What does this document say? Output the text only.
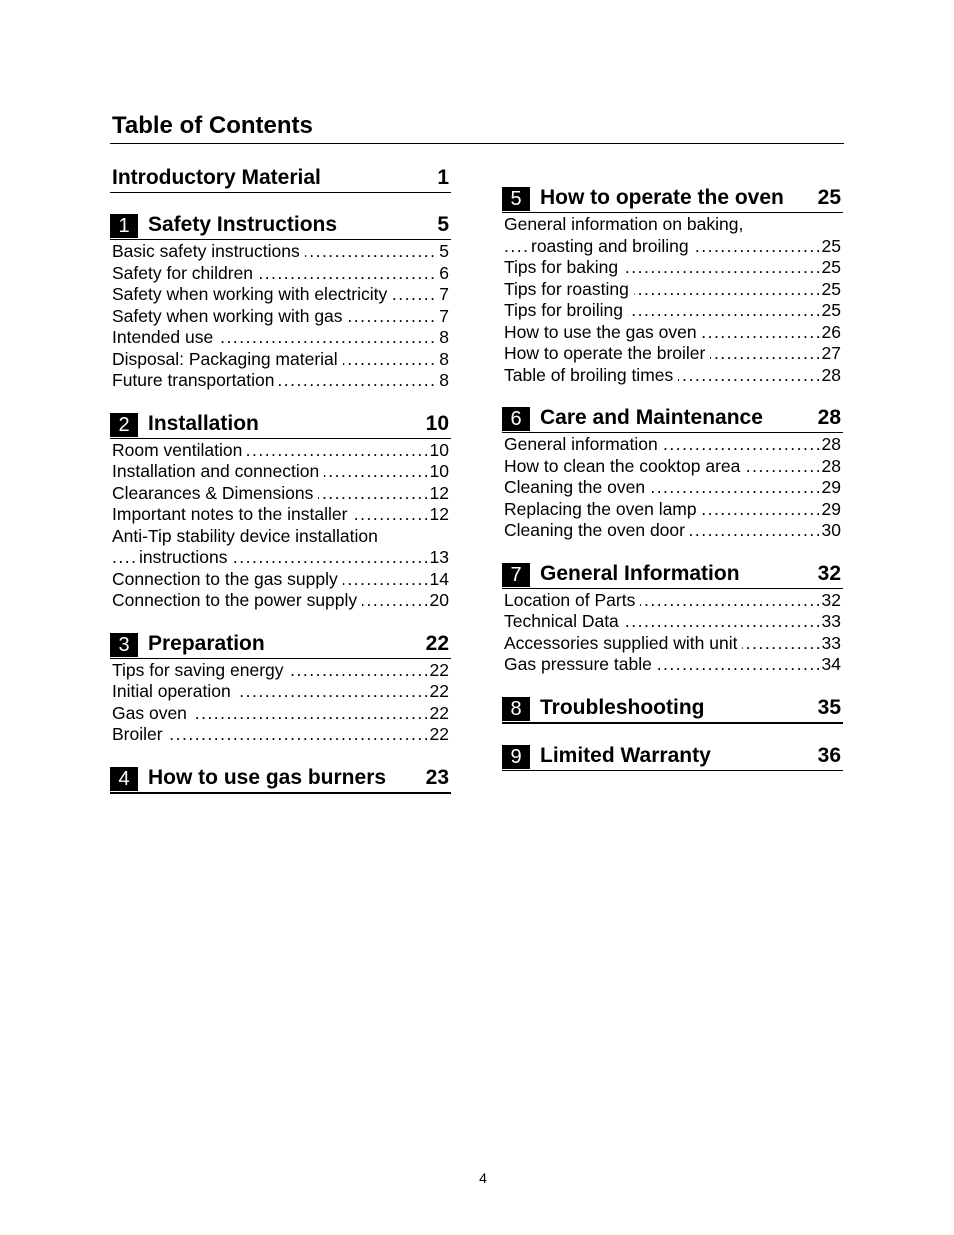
Table of Contents
Introductory Material	1
1 Safety Instructions	5
Basic safety instructions .....	5
Safety for children .....	6
Safety when working with electricity .....	7
Safety when working with gas .....	7
Intended use .....	8
Disposal: Packaging material .....	8
Future transportation .....	8
2 Installation	10
Room ventilation .....	10
Installation and connection .....	10
Clearances & Dimensions .....	12
Important notes to the installer .....	12
Anti-Tip stability device installation
instructions .....	13
Connection to the gas supply .....	14
Connection to the power supply .....	20
3 Preparation	22
Tips for saving energy .....	22
Initial operation .....	22
Gas oven .....	22
Broiler .....	22
4 How to use gas burners 23
5 How to operate the oven 25
General information on baking,
roasting and broiling .....	25
Tips for baking .....	25
Tips for roasting .....	25
Tips for broiling .....	25
How to use the gas oven .....	26
How to operate the broiler .....	27
Table of broiling times .....	28
6 Care and Maintenance	28
General information .....	28
How to clean the cooktop area .....	28
Cleaning the oven .....	29
Replacing the oven lamp .....	29
Cleaning the oven door .....	30
7 General Information	32
Location of Parts .....	32
Technical Data .....	33
Accessories supplied with unit .....	33
Gas pressure table .....	34
8 Troubleshooting	35
9 Limited Warranty	36
4
